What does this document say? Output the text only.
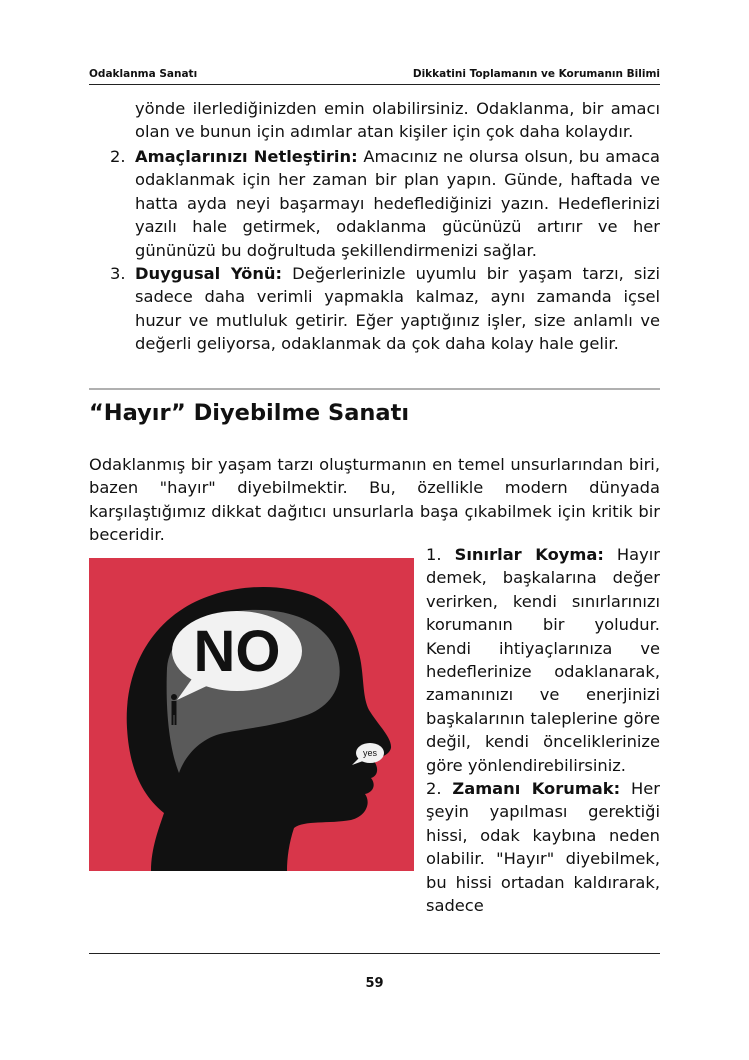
Odaklanma Sanatı	Dikkatini Toplamanın ve Korumanın Bilimi
yönde ilerlediğinizden emin olabilirsiniz. Odaklanma, bir amacı olan ve bunun için adımlar atan kişiler için çok daha kolaydır.
2. Amaçlarınızı Netleştirin: Amacınız ne olursa olsun, bu amaca odaklanmak için her zaman bir plan yapın. Günde, haftada ve hatta ayda neyi başarmayı hedeflediğinizi yazın. Hedeflerinizi yazılı hale getirmek, odaklanma gücünüzü artırır ve her gününüzü bu doğrultuda şekillendirmenizi sağlar.
3. Duygusal Yönü: Değerlerinizle uyumlu bir yaşam tarzı, sizi sadece daha verimli yapmakla kalmaz, aynı zamanda içsel huzur ve mutluluk getirir. Eğer yaptığınız işler, size anlamlı ve değerli geliyorsa, odaklanmak da çok daha kolay hale gelir.
“Hayır” Diyebilme Sanatı
Odaklanmış bir yaşam tarzı oluşturmanın en temel unsurlarından biri, bazen "hayır" diyebilmektir. Bu, özellikle modern dünyada karşılaştığımız dikkat dağıtıcı unsurlarla başa çıkabilmek için kritik bir beceridir.
NO
yes

1. Sınırlar Koyma: Hayır demek, başkalarına değer verirken, kendi sınırlarınızı korumanın bir yoludur. Kendi ihtiyaçlarınıza ve hedeflerinize odaklanarak, zamanınızı ve enerjinizi başkalarının taleplerine göre değil, kendi önceliklerinize göre yönlendirebilirsiniz.

2. Zamanı Korumak: Her şeyin yapılması gerektiği hissi, odak kaybına neden olabilir. "Hayır" diyebilmek, bu hissi ortadan kaldırarak, sadece

59
